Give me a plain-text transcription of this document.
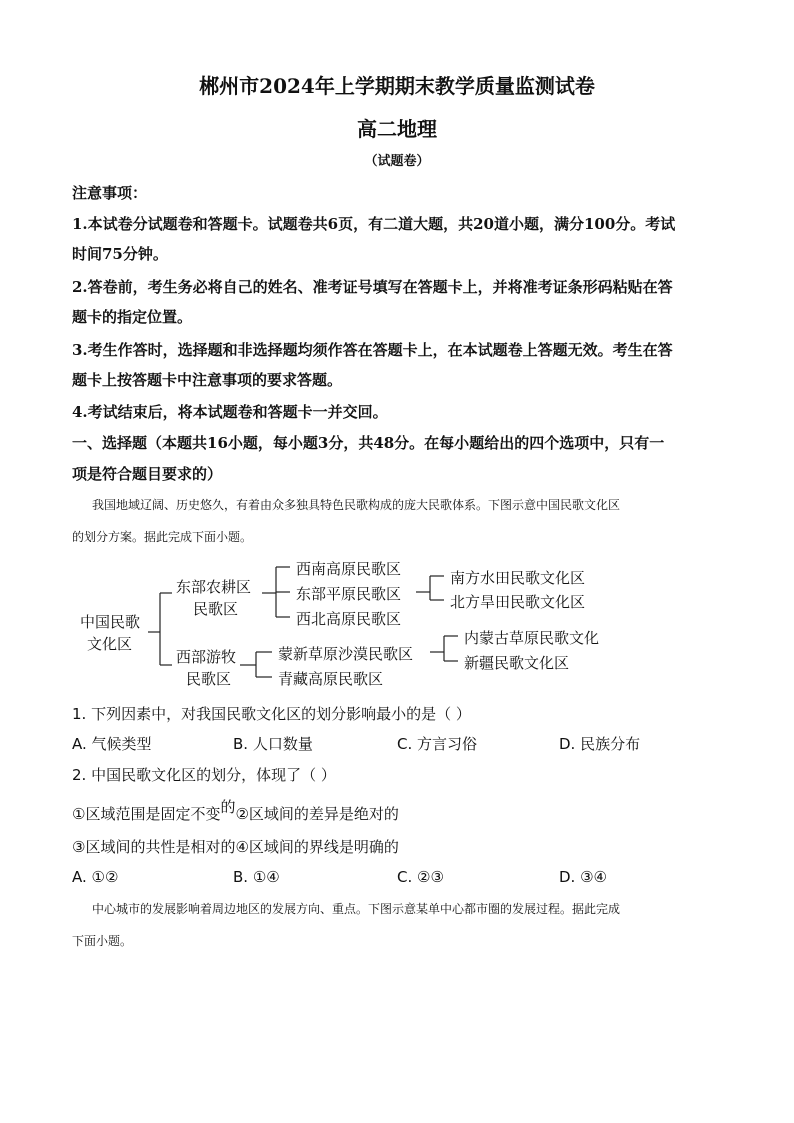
郴州市2024年上学期期末教学质量监测试卷
高二地理
（试题卷）
注意事项：
1.本试卷分试题卷和答题卡。试题卷共6页，有二道大题，共20道小题，满分100分。考试
时间75分钟。
2.答卷前，考生务必将自己的姓名、准考证号填写在答题卡上，并将准考证条形码粘贴在答
题卡的指定位置。
3.考生作答时，选择题和非选择题均须作答在答题卡上，在本试题卷上答题无效。考生在答
题卡上按答题卡中注意事项的要求答题。
4.考试结束后，将本试题卷和答题卡一并交回。
一、选择题（本题共16小题，每小题3分，共48分。在每小题给出的四个选项中，只有一
项是符合题目要求的）
我国地域辽阔、历史悠久，有着由众多独具特色民歌构成的庞大民歌体系。下图示意中国民歌文化区
的划分方案。据此完成下面小题。
中国民歌
文化区
东部农耕区
民歌区
西部游牧
民歌区
西南高原民歌区
东部平原民歌区
西北高原民歌区
南方水田民歌文化区
北方旱田民歌文化区
蒙新草原沙漠民歌区
青藏高原民歌区
内蒙古草原民歌文化
新疆民歌文化区
1. 下列因素中，对我国民歌文化区的划分影响最小的是（ ）
A. 气候类型	B. 人口数量	C. 方言习俗	D. 民族分布
2. 中国民歌文化区的划分，体现了（ ）
①区域范围是固定不变的②区域间的差异是绝对的
③区域间的共性是相对的④区域间的界线是明确的
A. ①②	B. ①④	C. ②③	D. ③④
中心城市的发展影响着周边地区的发展方向、重点。下图示意某单中心都市圈的发展过程。据此完成
下面小题。
